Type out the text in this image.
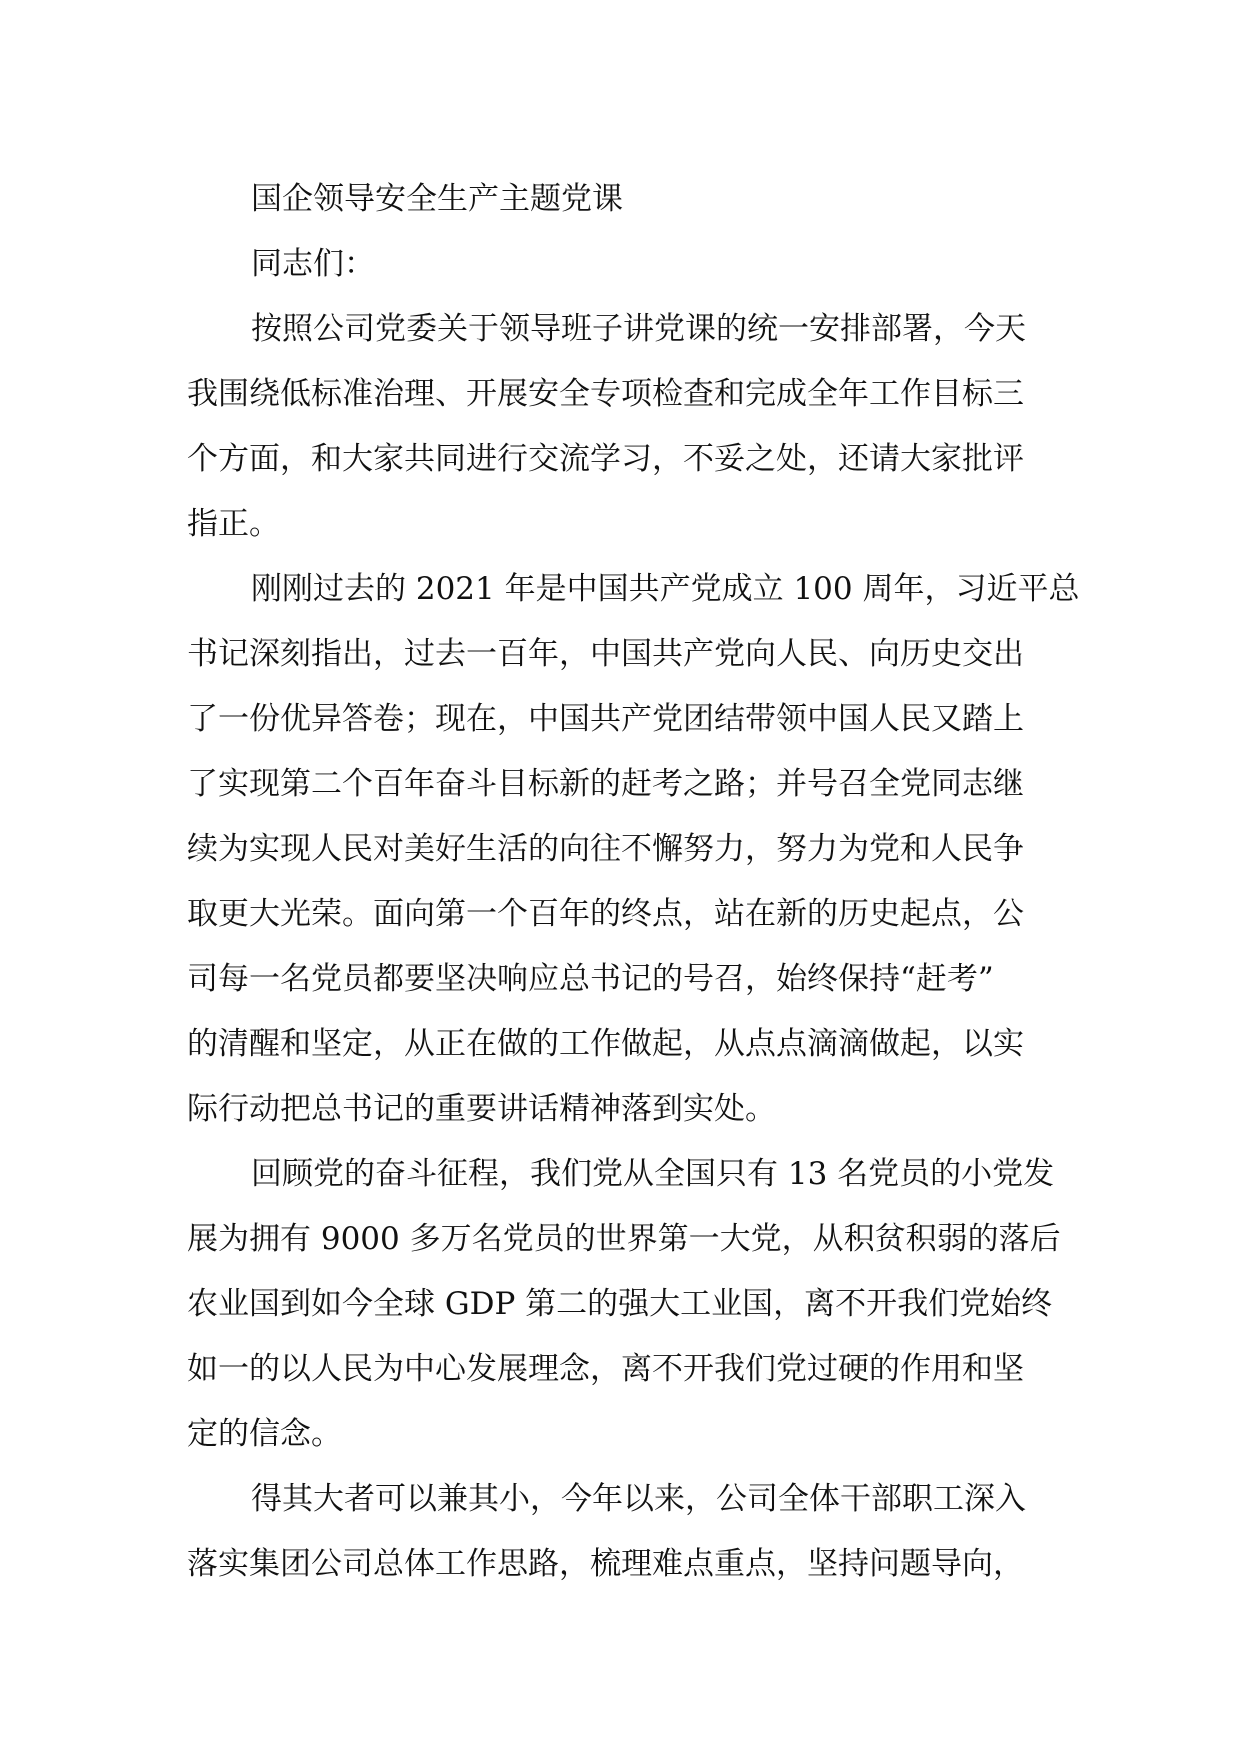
国企领导安全生产主题党课
同志们：
按照公司党委关于领导班子讲党课的统一安排部署，今天
我围绕低标准治理、开展安全专项检查和完成全年工作目标三
个方面，和大家共同进行交流学习，不妥之处，还请大家批评
指正。
刚刚过去的 2021 年是中国共产党成立 100 周年，习近平总
书记深刻指出，过去一百年，中国共产党向人民、向历史交出
了一份优异答卷；现在，中国共产党团结带领中国人民又踏上
了实现第二个百年奋斗目标新的赶考之路；并号召全党同志继
续为实现人民对美好生活的向往不懈努力，努力为党和人民争
取更大光荣。面向第一个百年的终点，站在新的历史起点，公
司每一名党员都要坚决响应总书记的号召，始终保持“赶考”
的清醒和坚定，从正在做的工作做起，从点点滴滴做起，以实
际行动把总书记的重要讲话精神落到实处。
回顾党的奋斗征程，我们党从全国只有 13 名党员的小党发
展为拥有 9000 多万名党员的世界第一大党，从积贫积弱的落后
农业国到如今全球 GDP 第二的强大工业国，离不开我们党始终
如一的以人民为中心发展理念，离不开我们党过硬的作用和坚
定的信念。
得其大者可以兼其小，今年以来，公司全体干部职工深入
落实集团公司总体工作思路，梳理难点重点，坚持问题导向，
